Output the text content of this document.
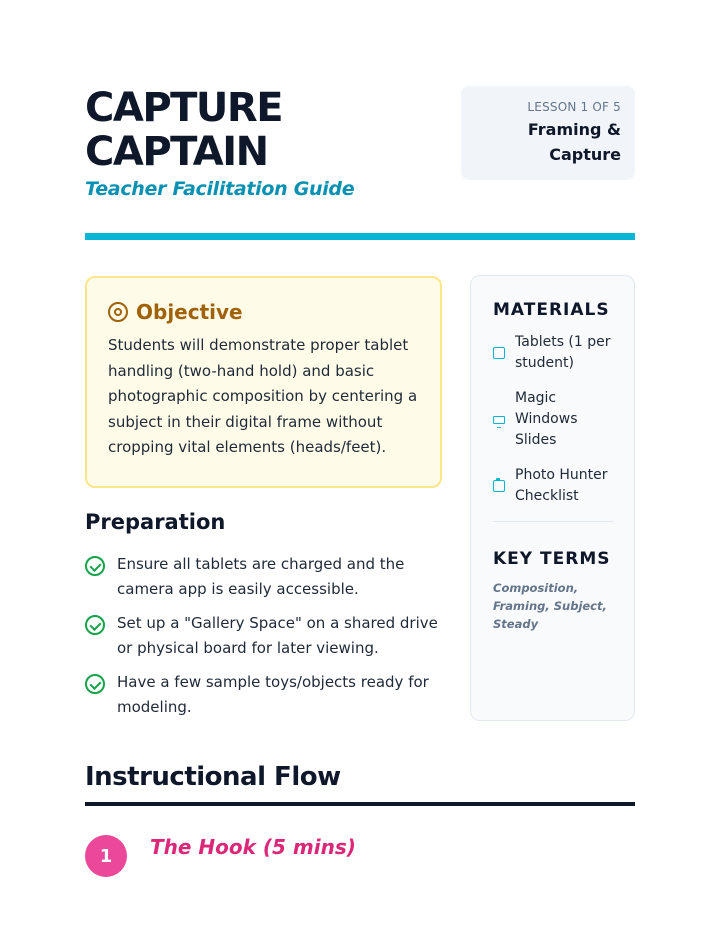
CAPTURE
CAPTAIN
Teacher Facilitation Guide
LESSON 1 OF 5
Framing &
Capture
Objective

Students will demonstrate proper tablet handling (two-hand hold) and basic photographic composition by centering a subject in their digital frame without cropping vital elements (heads/feet).

Preparation
Ensure all tablets are charged and the camera app is easily accessible.
Set up a "Gallery Space" on a shared drive or physical board for later viewing.
Have a few sample toys/objects ready for modeling.
MATERIALS
Tablets (1 per student)
Magic Windows Slides
Photo Hunter Checklist
KEY TERMS

Composition, Framing, Subject, Steady

Instructional Flow
1	The Hook (5 mins)
